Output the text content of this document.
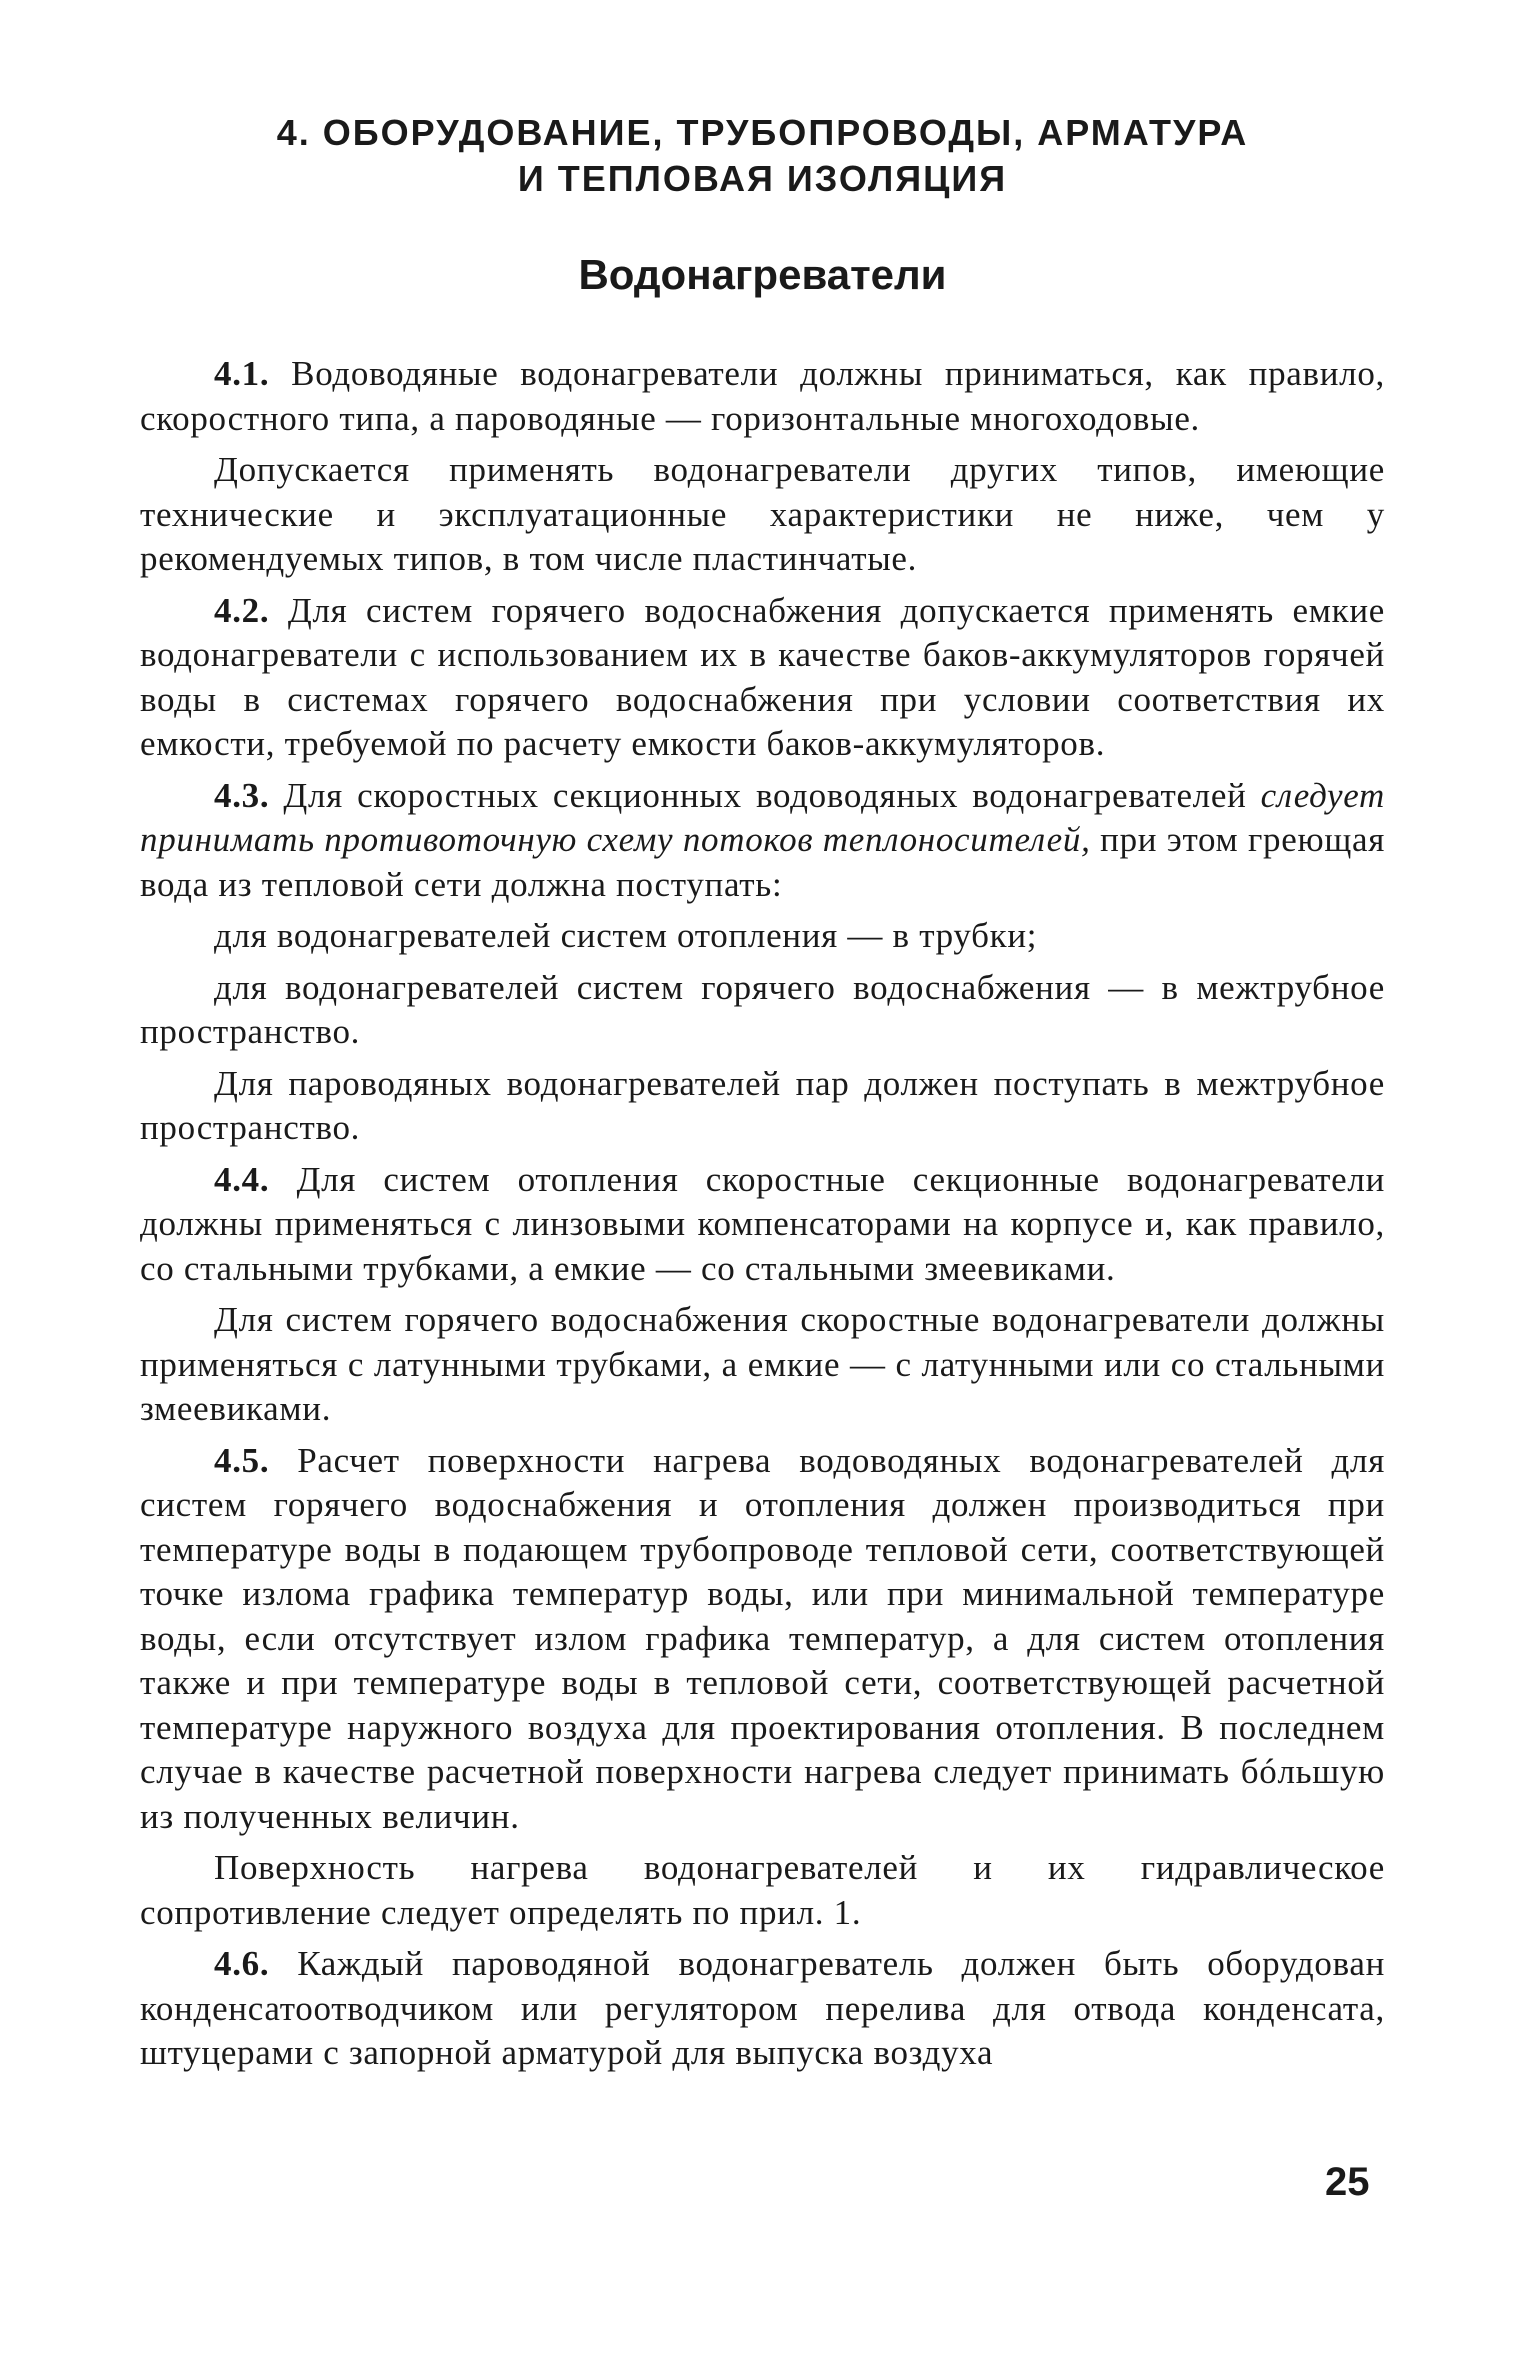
4. ОБОРУДОВАНИЕ, ТРУБОПРОВОДЫ, АРМАТУРА
И ТЕПЛОВАЯ ИЗОЛЯЦИЯ
Водонагреватели

4.1. Водоводяные водонагреватели должны приниматься, как правило, скоростного типа, а пароводяные — горизонтальные многоходовые.

Допускается применять водонагреватели других типов, имеющие технические и эксплуатационные характеристики не ниже, чем у рекомендуемых типов, в том числе пластинчатые.

4.2. Для систем горячего водоснабжения допускается применять емкие водонагреватели с использованием их в качестве баков-аккумуляторов горячей воды в системах горячего водоснабжения при условии соответствия их емкости, требуемой по расчету емкости баков-аккумуляторов.

4.3. Для скоростных секционных водоводяных водонагревателей следует принимать противоточную схему потоков теплоносителей, при этом греющая вода из тепловой сети должна поступать:

для водонагревателей систем отопления — в трубки;

для водонагревателей систем горячего водоснабжения — в межтрубное пространство.

Для пароводяных водонагревателей пар должен поступать в межтрубное пространство.

4.4. Для систем отопления скоростные секционные водонагреватели должны применяться с линзовыми компенсаторами на корпусе и, как правило, со стальными трубками, а емкие — со стальными змеевиками.

Для систем горячего водоснабжения скоростные водонагреватели должны применяться с латунными трубками, а емкие — с латунными или со стальными змеевиками.

4.5. Расчет поверхности нагрева водоводяных водонагревателей для систем горячего водоснабжения и отопления должен производиться при температуре воды в подающем трубопроводе тепловой сети, соответствующей точке излома графика температур воды, или при минимальной температуре воды, если отсутствует излом графика температур, а для систем отопления также и при температуре воды в тепловой сети, соответствующей расчетной температуре наружного воздуха для проектирования отопления. В последнем случае в качестве расчетной поверхности нагрева следует принимать бóльшую из полученных величин.

Поверхность нагрева водонагревателей и их гидравлическое сопротивление следует определять по прил. 1.

4.6. Каждый пароводяной водонагреватель должен быть оборудован конденсатоотводчиком или регулятором перелива для отвода конденсата, штуцерами с запорной арматурой для выпуска воздуха

25
